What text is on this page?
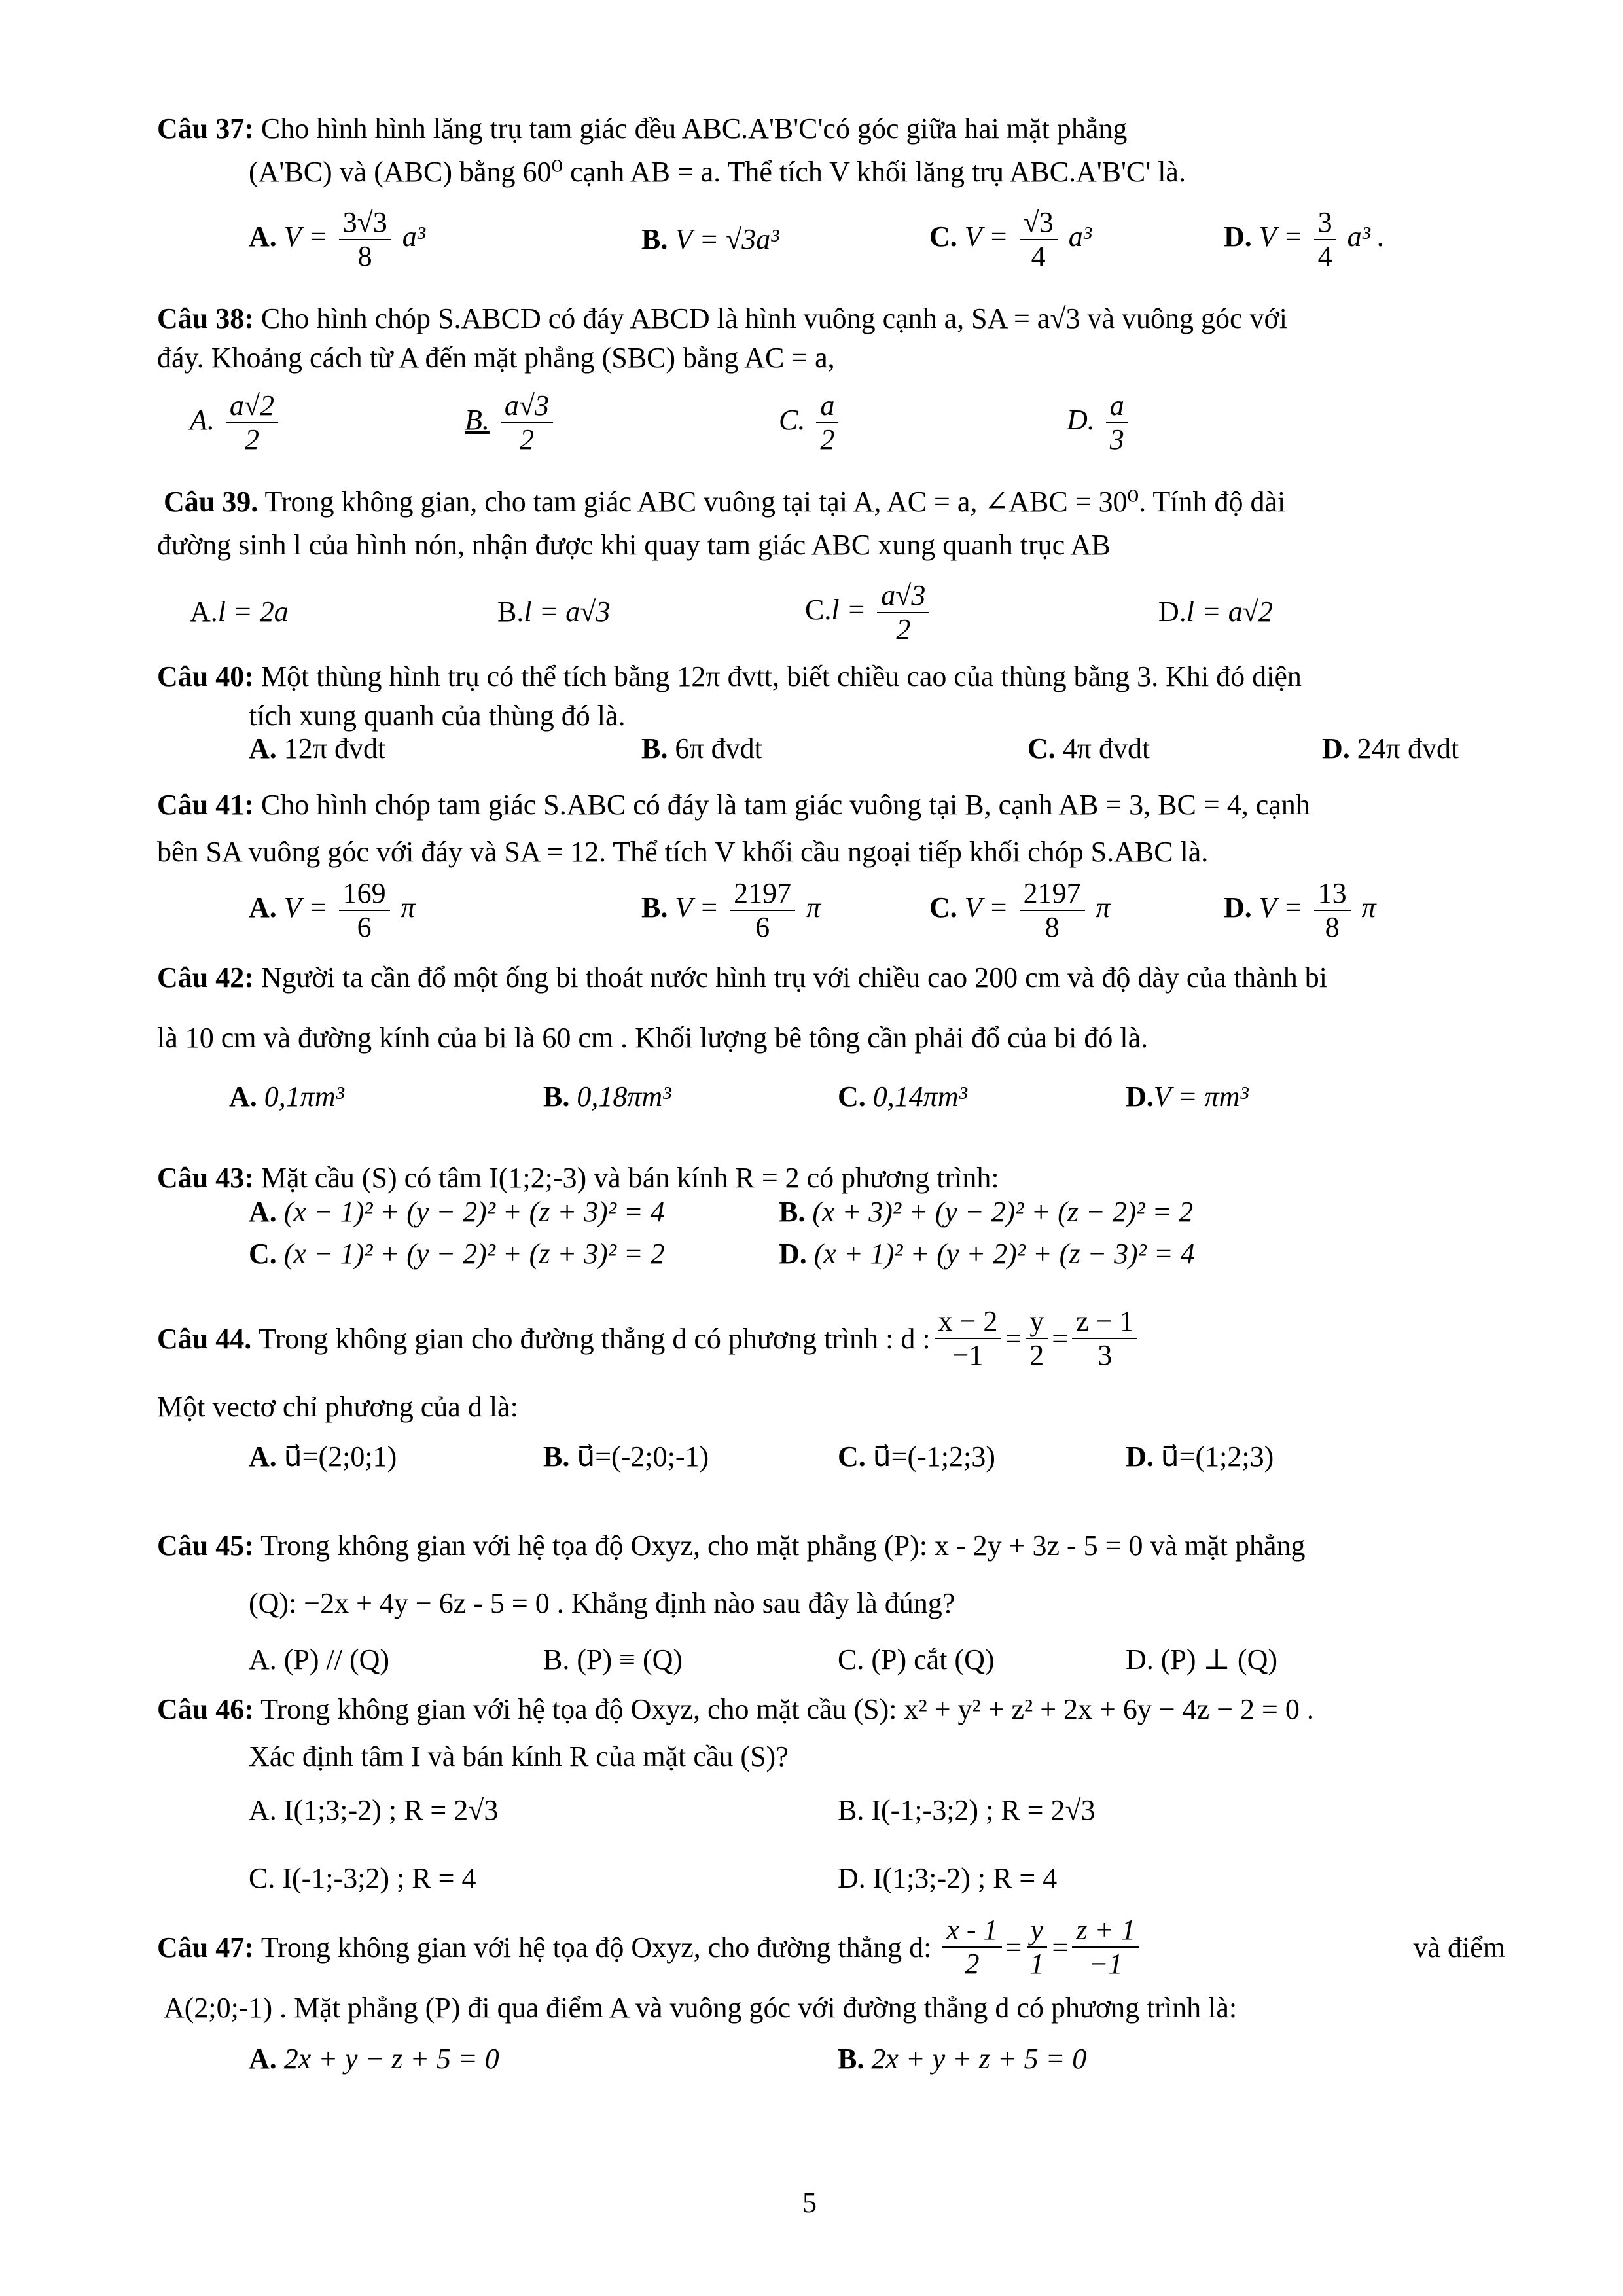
Câu 37: Cho hình hình lăng trụ tam giác đều ABC.A'B'C'có góc giữa hai mặt phẳng
(A'BC) và (ABC) bằng 60⁰ cạnh AB = a. Thể tích V khối lăng trụ ABC.A'B'C' là.
A. $V = \frac{3√3}{8} a^3$	B. V = √3a³	C. $V = \frac{√3}{4} a^3$	D. $V = \frac{3}{4} a^3$ .
Câu 38: Cho hình chóp S.ABCD có đáy ABCD là hình vuông cạnh a, SA = a√3 và vuông góc với
đáy. Khoảng cách từ A đến mặt phẳng (SBC) bằng AC = a,
A. $\frac{a√2}{2}$	B. $\frac{a√3}{2}$	C. $\frac{a}{2}$	D. $\frac{a}{3}$
Câu 39. Trong không gian, cho tam giác ABC vuông tại tại A, AC = a, ∠ABC = 30⁰. Tính độ dài
đường sinh l của hình nón, nhận được khi quay tam giác ABC xung quanh trục AB
A.l = 2a	B.l = a√3	$C.l = \frac{a√3}{2}$	D.l = a√2
Câu 40: Một thùng hình trụ có thể tích bằng 12π đvtt, biết chiều cao của thùng bằng 3. Khi đó diện
tích xung quanh của thùng đó là.
A. 12π đvdt	B. 6π đvdt	C. 4π đvdt	D. 24π đvdt
Câu 41: Cho hình chóp tam giác S.ABC có đáy là tam giác vuông tại B, cạnh AB = 3, BC = 4, cạnh
bên SA vuông góc với đáy và SA = 12. Thể tích V khối cầu ngoại tiếp khối chóp S.ABC là.
A. $V = \frac{169}{6}$ π	B. $V = \frac{2197}{6}$ π	C. $V = \frac{2197}{8}$ π	D. $V = \frac{13}{8}$ π
Câu 42: Người ta cần đổ một ống bi thoát nước hình trụ với chiều cao 200 cm và độ dày của thành bi
là 10 cm và đường kính của bi là 60 cm . Khối lượng bê tông cần phải đổ của bi đó là.
A. 0,1πm³	B. 0,18πm³	C. 0,14πm³	D.V = πm³
Câu 43: Mặt cầu (S) có tâm I(1;2;-3) và bán kính R = 2 có phương trình:
A. (x − 1)² + (y − 2)² + (z + 3)² = 4	B. (x + 3)² + (y − 2)² + (z − 2)² = 2
C. (x − 1)² + (y − 2)² + (z + 3)² = 2	D. (x + 1)² + (y + 2)² + (z − 3)² = 4
Câu 44.
Trong không gian cho đường thẳng d có phương trình :
d : $\frac{x - 2}{-1} = \frac{y}{2} = \frac{z - 1}{3}$
Một vectơ chỉ phương của d là:
A. u⃗=(2;0;1)	B. u⃗=(-2;0;-1)	C. u⃗=(-1;2;3)	D. u⃗=(1;2;3)
Câu 45: Trong không gian với hệ tọa độ Oxyz, cho mặt phẳng (P): x - 2y + 3z - 5 = 0 và mặt phẳng
(Q): −2x + 4y − 6z - 5 = 0 . Khẳng định nào sau đây là đúng?
A. (P) // (Q)	B. (P) ≡ (Q)	C. (P) cắt (Q)	D. (P) ⊥ (Q)
Câu 46: Trong không gian với hệ tọa độ Oxyz, cho mặt cầu (S): x² + y² + z² + 2x + 6y − 4z − 2 = 0 .
Xác định tâm I và bán kính R của mặt cầu (S)?
A. I(1;3;-2) ; R = 2√3	B. I(-1;-3;2) ; R = 2√3
C. I(-1;-3;2) ; R = 4	D. I(1;3;-2) ; R = 4
Câu 47:
Trong không gian với hệ tọa độ Oxyz, cho đường thẳng d:
$\frac{x - 1}{2} = \frac{y}{1} = \frac{z + 1}{-1}$	và điểm
A(2;0;-1) . Mặt phẳng (P) đi qua điểm A và vuông góc với đường thẳng d có phương trình là:
A. 2x + y − z + 5 = 0	B. 2x + y + z + 5 = 0
5
